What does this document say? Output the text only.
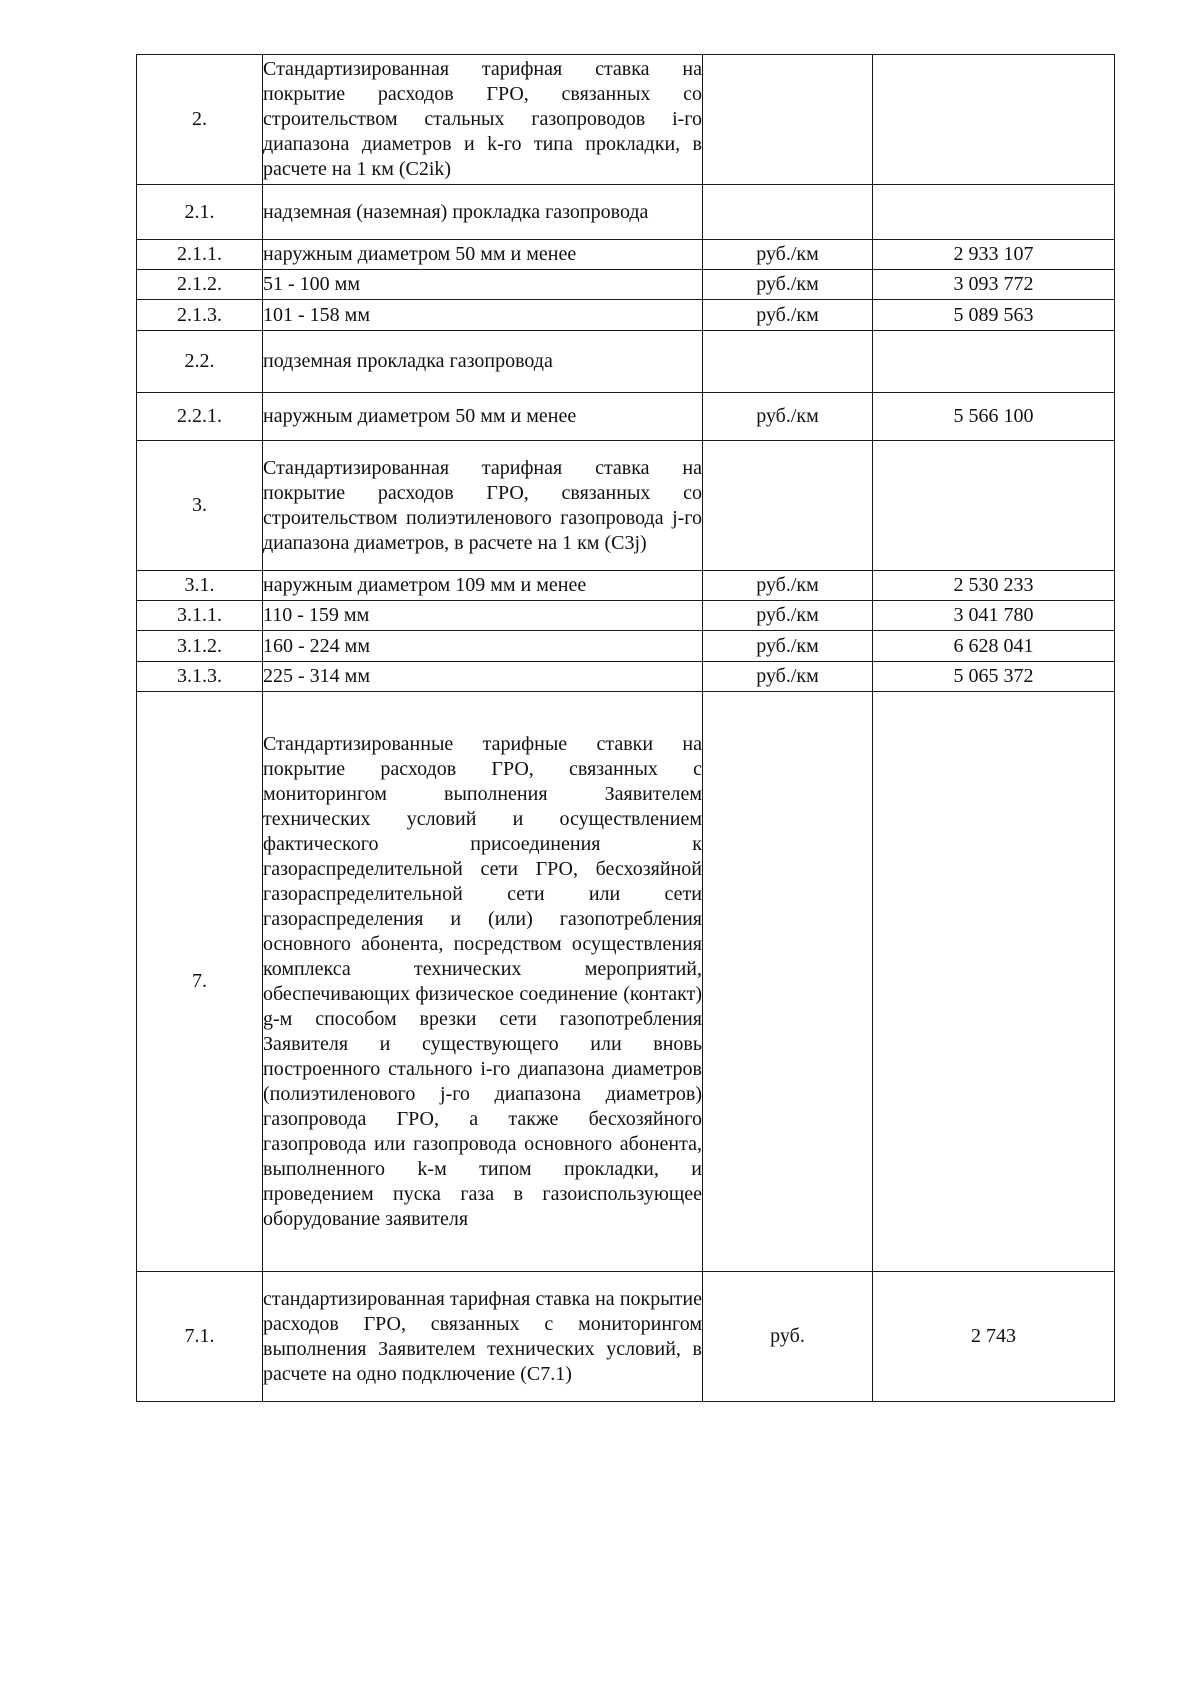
2.	Стандартизированная тарифная ставка на покрытие расходов ГРО, связанных со строительством стальных газопроводов i-го диапазона диаметров и k-го типа прокладки, в расчете на 1 км (C2ik)		
2.1.	надземная (наземная) прокладка газопровода		
2.1.1.	наружным диаметром 50 мм и менее	руб./км	2 933 107
2.1.2.	51 - 100 мм	руб./км	3 093 772
2.1.3.	101 - 158 мм	руб./км	5 089 563
2.2.	подземная прокладка газопровода		
2.2.1.	наружным диаметром 50 мм и менее	руб./км	5 566 100
3.	Стандартизированная тарифная ставка на покрытие расходов ГРО, связанных со строительством полиэтиленового газопровода j-го диапазона диаметров, в расчете на 1 км (C3j)		
3.1.	наружным диаметром 109 мм и менее	руб./км	2 530 233
3.1.1.	110 - 159 мм	руб./км	3 041 780
3.1.2.	160 - 224 мм	руб./км	6 628 041
3.1.3.	225 - 314 мм	руб./км	5 065 372
7.	Стандартизированные тарифные ставки на покрытие расходов ГРО, связанных с мониторингом выполнения Заявителем технических условий и осуществлением фактического присоединения к газораспределительной сети ГРО, бесхозяйной газораспределительной сети или сети газораспределения и (или) газопотребления основного абонента, посредством осуществления комплекса технических мероприятий, обеспечивающих физическое соединение (контакт) g-м способом врезки сети газопотребления Заявителя и существующего или вновь построенного стального i-го диапазона диаметров (полиэтиленового j-го диапазона диаметров) газопровода ГРО, а также бесхозяйного газопровода или газопровода основного абонента, выполненного k-м типом прокладки, и проведением пуска газа в газоиспользующее оборудование заявителя		
7.1.	стандартизированная тарифная ставка на покрытие расходов ГРО, связанных с мониторингом выполнения Заявителем технических условий, в расчете на одно подключение (C7.1)	руб.	2 743
